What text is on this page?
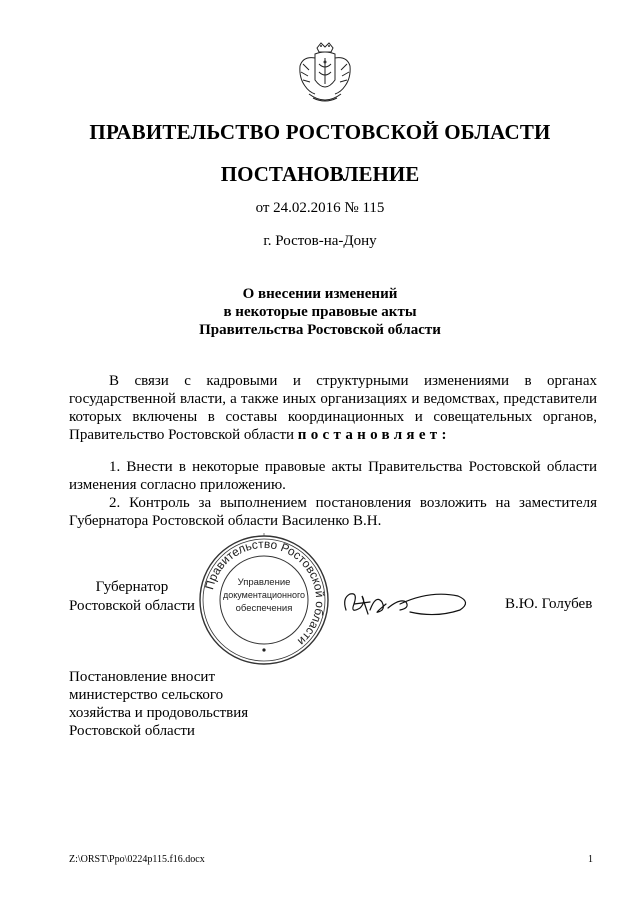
ПРАВИТЕЛЬСТВО РОСТОВСКОЙ ОБЛАСТИ
ПОСТАНОВЛЕНИЕ
от 24.02.2016 № 115
г. Ростов-на-Дону
О внесении изменений
в некоторые правовые акты
Правительства Ростовской области
В связи с кадровыми и структурными изменениями в органах государственной власти, а также иных организациях и ведомствах, представители которых включены в составы координационных и совещательных органов, Правительство Ростовской области постановляет:
1. Внести в некоторые правовые акты Правительства Ростовской области изменения согласно приложению.
2. Контроль за выполнением постановления возложить на заместителя Губернатора Ростовской области Василенко В.Н.
Губернатор
Ростовской области
Правительство Ростовской области
Управление
документационного
обеспечения	В.Ю. Голубев
Постановление вносит
министерство сельского
хозяйства и продовольствия
Ростовской области
Z:\ORST\Ppo\0224p115.f16.docx	1
